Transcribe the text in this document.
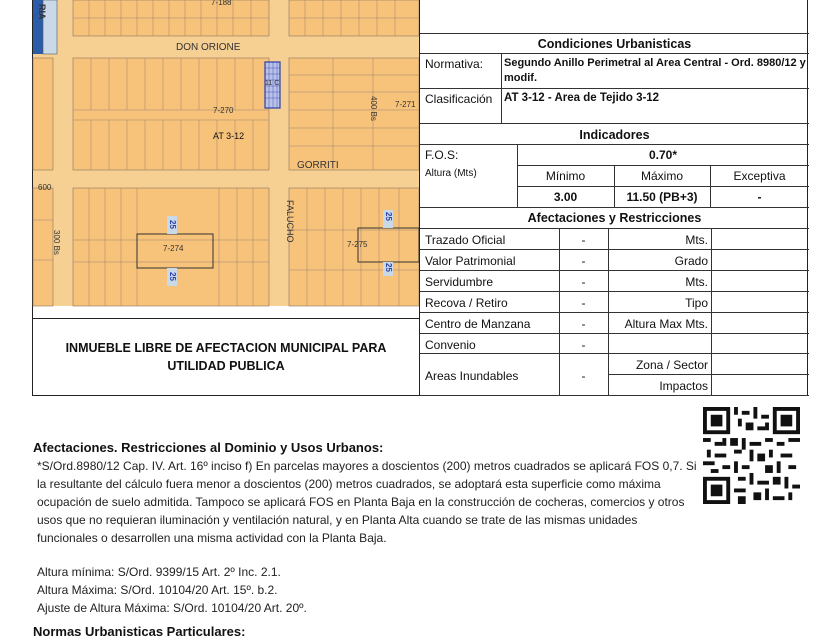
RIA
7-188
DON ORIONE
11 C
7-270
7-271
400 Bs
AT 3-12
GORRITI
600
7-274
300 Bs	FALUCHO
7-275
25
25
25
25
INMUEBLE LIBRE DE AFECTACION MUNICIPAL PARA UTILIDAD PUBLICA
Condiciones Urbanisticas
Normativa: Segundo Anillo Perimetral al Area Central - Ord. 8980/12 y
modif.
Clasificación AT 3-12 - Area de Tejido 3-12
Indicadores
F.O.S:	0.70*
Altura (Mts)	Mínimo	Máximo	Exceptiva
3.00	11.50 (PB+3)	-
Afectaciones y Restricciones
Trazado Oficial	-	Mts.
Valor Patrimonial	-	Grado
Servidumbre	-	Mts.
Recova / Retiro	-	Tipo
Centro de Manzana	-	Altura Max Mts.
Convenio	-
Areas Inundables	-
Zona / Sector
Impactos
Afectaciones. Restricciones al Dominio y Usos Urbanos:
*S/Ord.8980/12 Cap. IV. Art. 16º inciso f) En parcelas mayores a doscientos (200) metros cuadrados se aplicará FOS 0,7. Si la resultante del cálculo fuera menor a doscientos (200) metros cuadrados, se adoptará esta superficie como máxima ocupación de suelo admitida. Tampoco se aplicará FOS en Planta Baja en la construcción de cocheras, comercios y otros usos que no requieran iluminación y ventilación natural, y en Planta Alta cuando se trate de las mismas unidades funcionales o desarrollen una misma actividad con la Planta Baja.
Altura mínima: S/Ord. 9399/15 Art. 2º Inc. 2.1.
Altura Máxima: S/Ord. 10104/20 Art. 15º. b.2.
Ajuste de Altura Máxima: S/Ord. 10104/20 Art. 20º.
Normas Urbanisticas Particulares:
